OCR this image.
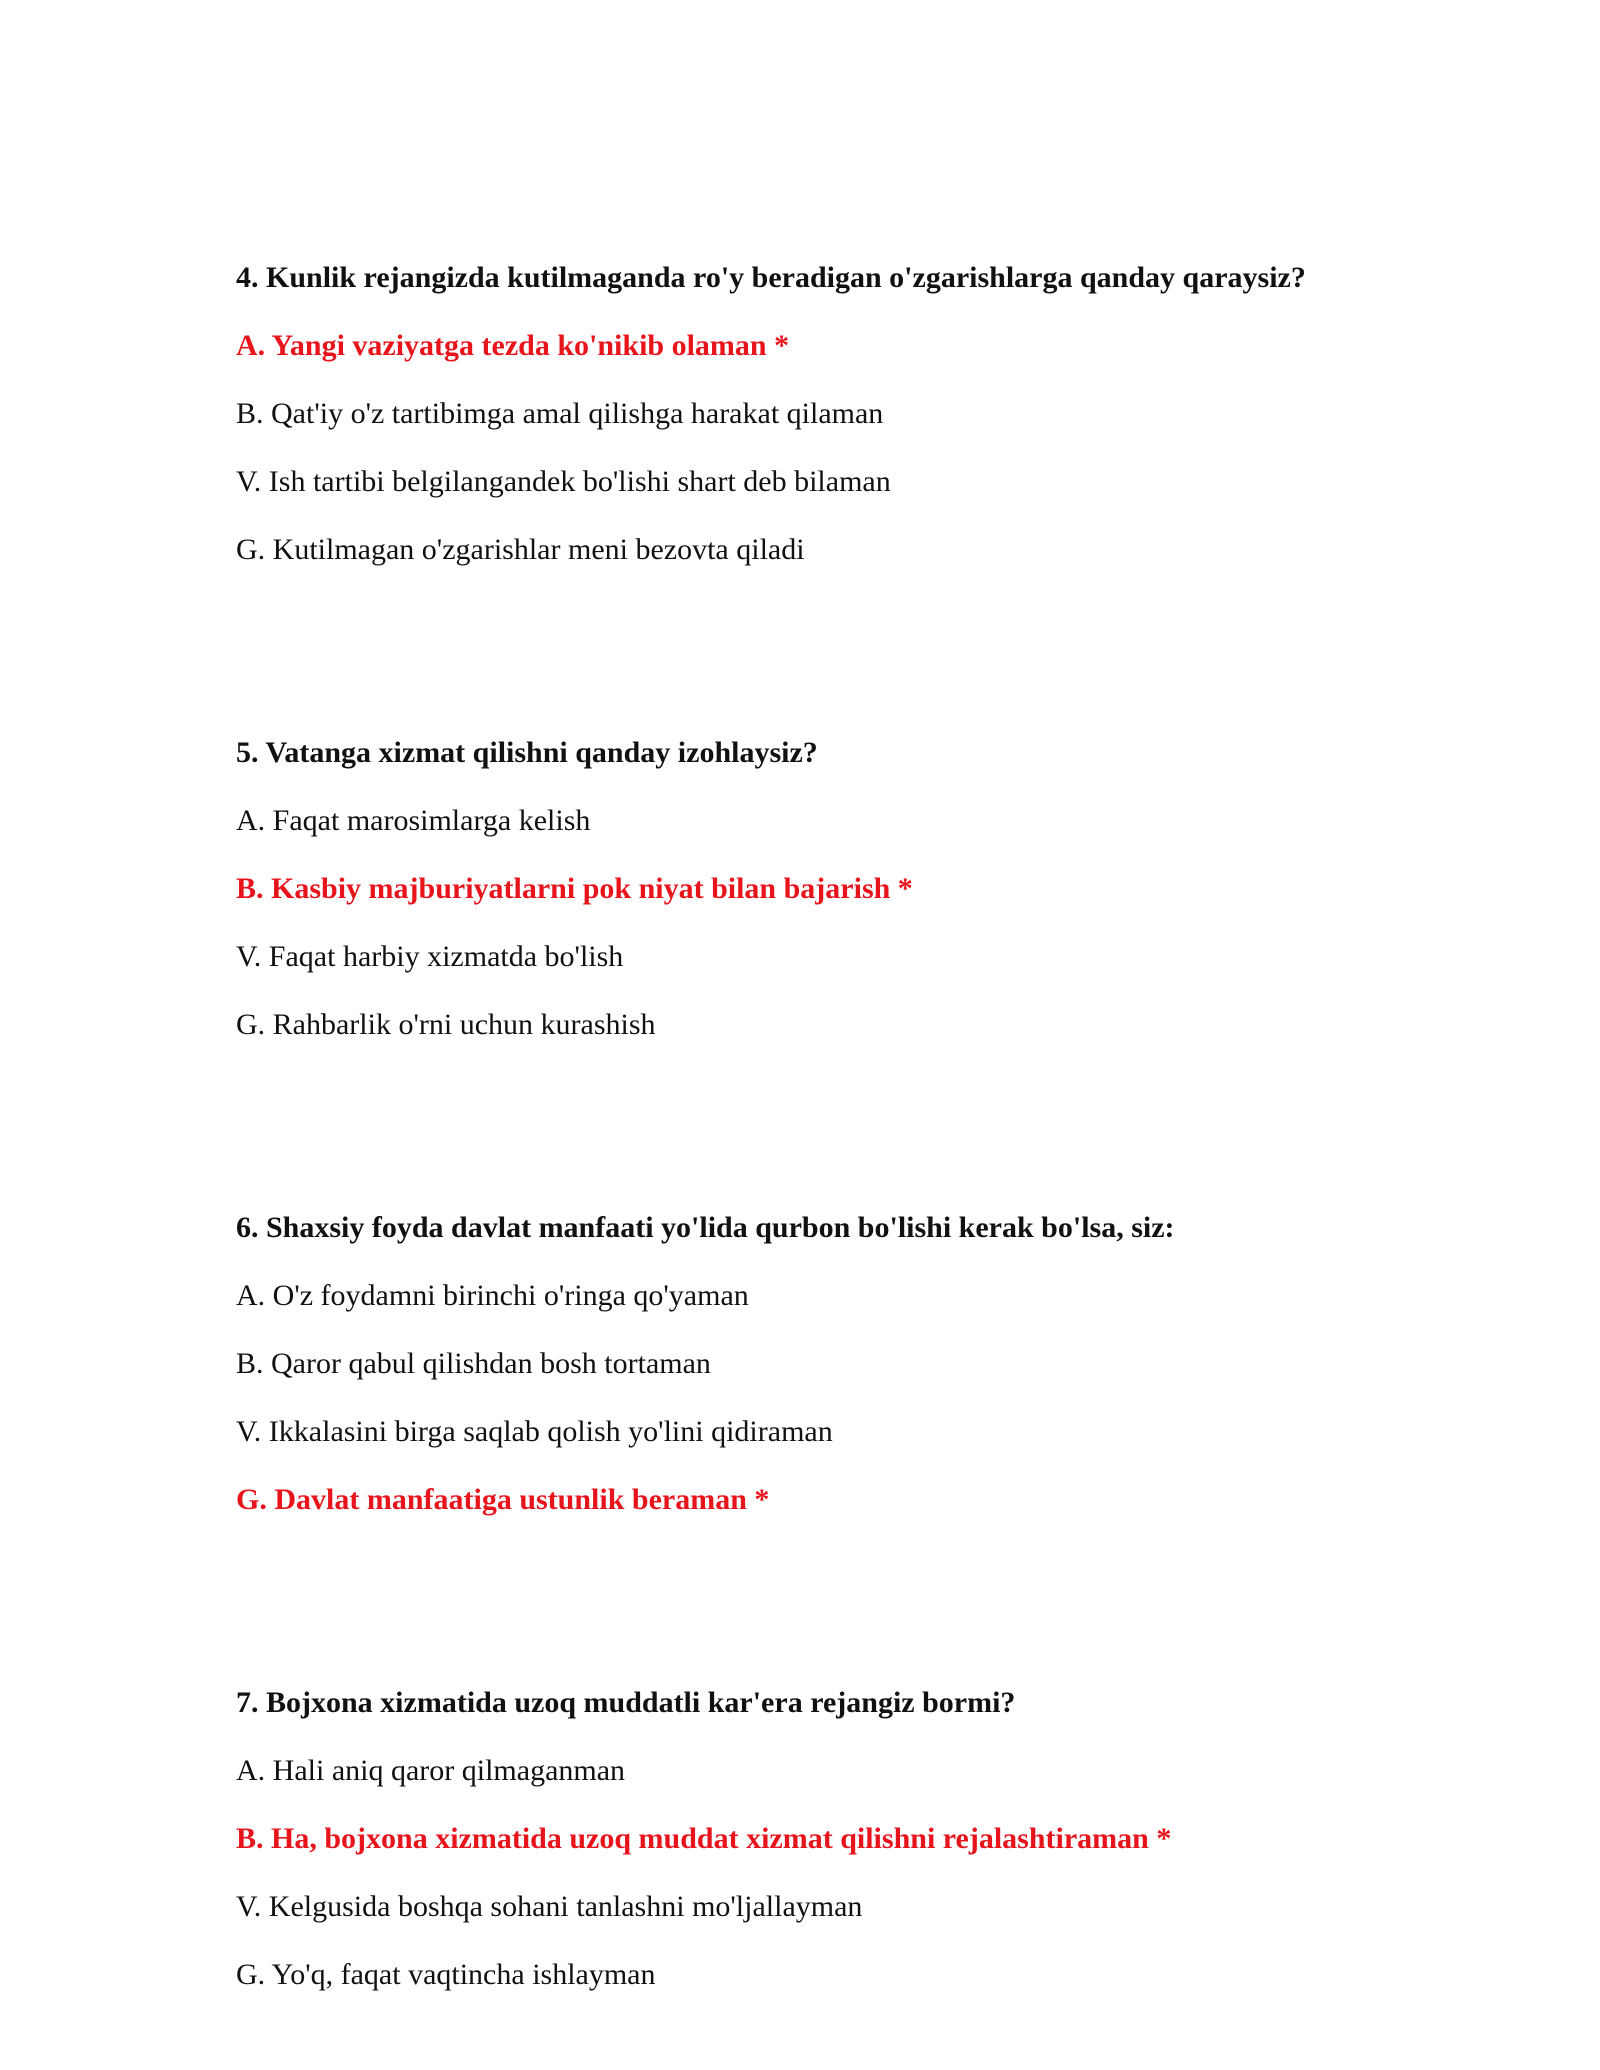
4. Kunlik rejangizda kutilmaganda ro'y beradigan o'zgarishlarga qanday qaraysiz?
A. Yangi vaziyatga tezda ko'nikib olaman *
B. Qat'iy o'z tartibimga amal qilishga harakat qilaman
V. Ish tartibi belgilangandek bo'lishi shart deb bilaman
G. Kutilmagan o'zgarishlar meni bezovta qiladi
5. Vatanga xizmat qilishni qanday izohlaysiz?
A. Faqat marosimlarga kelish
B. Kasbiy majburiyatlarni pok niyat bilan bajarish *
V. Faqat harbiy xizmatda bo'lish
G. Rahbarlik o'rni uchun kurashish
6. Shaxsiy foyda davlat manfaati yo'lida qurbon bo'lishi kerak bo'lsa, siz:
A. O'z foydamni birinchi o'ringa qo'yaman
B. Qaror qabul qilishdan bosh tortaman
V. Ikkalasini birga saqlab qolish yo'lini qidiraman
G. Davlat manfaatiga ustunlik beraman *
7. Bojxona xizmatida uzoq muddatli kar'era rejangiz bormi?
A. Hali aniq qaror qilmaganman
B. Ha, bojxona xizmatida uzoq muddat xizmat qilishni rejalashtiraman *
V. Kelgusida boshqa sohani tanlashni mo'ljallayman
G. Yo'q, faqat vaqtincha ishlayman
